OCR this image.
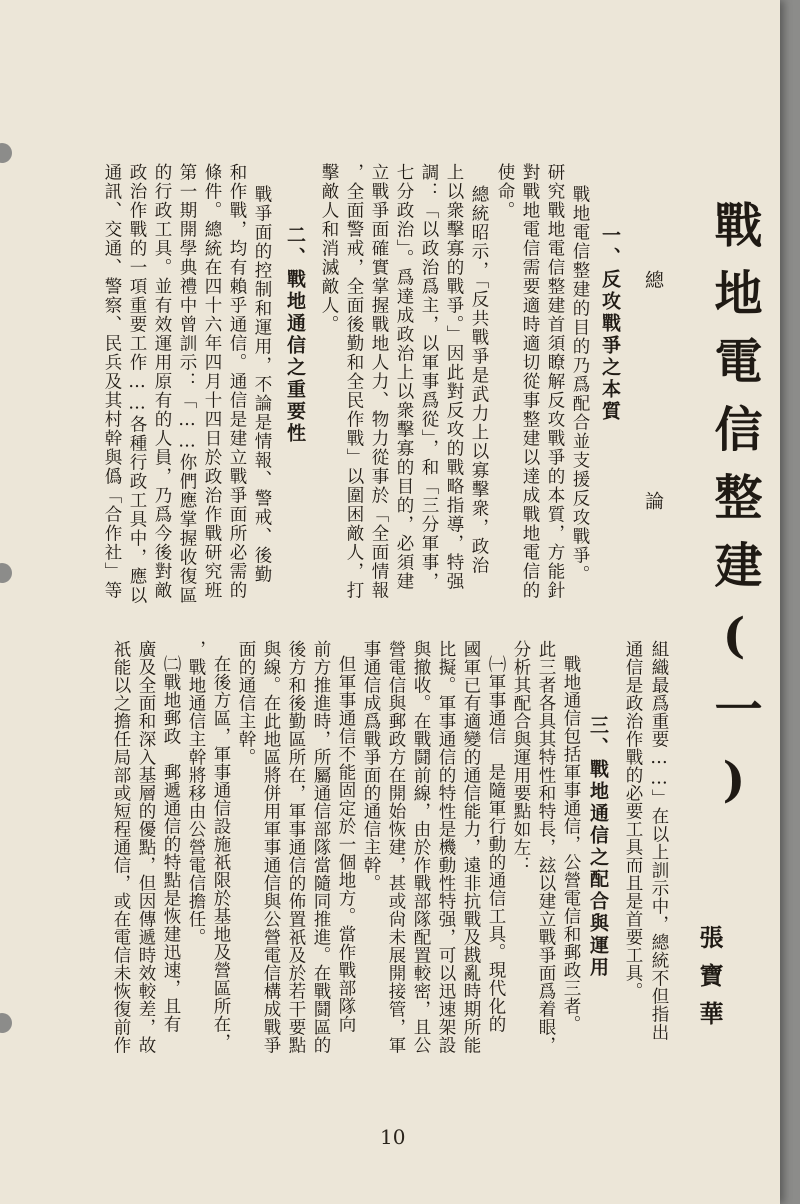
戰地電信整建(一)
張寶華
組織最爲重要……」在以上訓示中，總統不但指出
通信是政治作戰的必要工具而且是首要工具。
總 論
一、反攻戰爭之本質
戰地電信整建的目的乃爲配合並支援反攻戰爭。
研究戰地電信整建首須瞭解反攻戰爭的本質，方能針
對戰地電信需要適時適切從事整建以達成戰地電信的
使命。
總統昭示，「反共戰爭是武力上以寡擊衆，政治
上以衆擊寡的戰爭。」因此對反攻的戰略指導，特强
調：「以政治爲主，以軍事爲從」，和「三分軍事，
七分政治」。爲達成政治上以衆擊寡的目的，必須建
立戰爭面確實掌握戰地人力、物力從事於「全面情報
，全面警戒，全面後勤和全民作戰」以圍困敵人，打
擊敵人和消滅敵人。
二、戰地通信之重要性
戰爭面的控制和運用，不論是情報、警戒、後勤
和作戰，均有賴乎通信。通信是建立戰爭面所必需的
條件。總統在四十六年四月十四日於政治作戰研究班
第一期開學典禮中曾訓示：「……你們應掌握收復區
的行政工具。並有效運用原有的人員，乃爲今後對敵
政治作戰的一項重要工作……各種行政工具中，應以
通訊、交通、警察、民兵及其村幹與僞「合作社」等
三、戰地通信之配合與運用
戰地通信包括軍事通信，公營電信和郵政三者。
此三者各具其特性和特長，玆以建立戰爭面爲着眼，
分析其配合與運用要點如左：
㈠軍事通信　是隨軍行動的通信工具。現代化的
國軍已有適變的通信能力，遠非抗戰及戡亂時期所能
比擬。軍事通信的特性是機動性特强，可以迅速架設
與撤收。在戰鬪前線，由於作戰部隊配置較密，且公
營電信與郵政方在開始恢建，甚或尙未展開接管，軍
事通信成爲戰爭面的通信主幹。
但軍事通信不能固定於一個地方。當作戰部隊向
前方推進時，所屬通信部隊當隨同推進。在戰鬪區的
後方和後勤區所在，軍事通信的佈置祇及於若干要點
與線。在此地區將併用軍事通信與公營電信構成戰爭
面的通信主幹。
在後方區，軍事通信設施祇限於基地及營區所在，
，戰地通信主幹將移由公營電信擔任。
㈡戰地郵政　郵遞通信的特點是恢建迅速，且有
廣及全面和深入基層的優點，但因傳遞時效較差，故
祇能以之擔任局部或短程通信，或在電信未恢復前作
10
